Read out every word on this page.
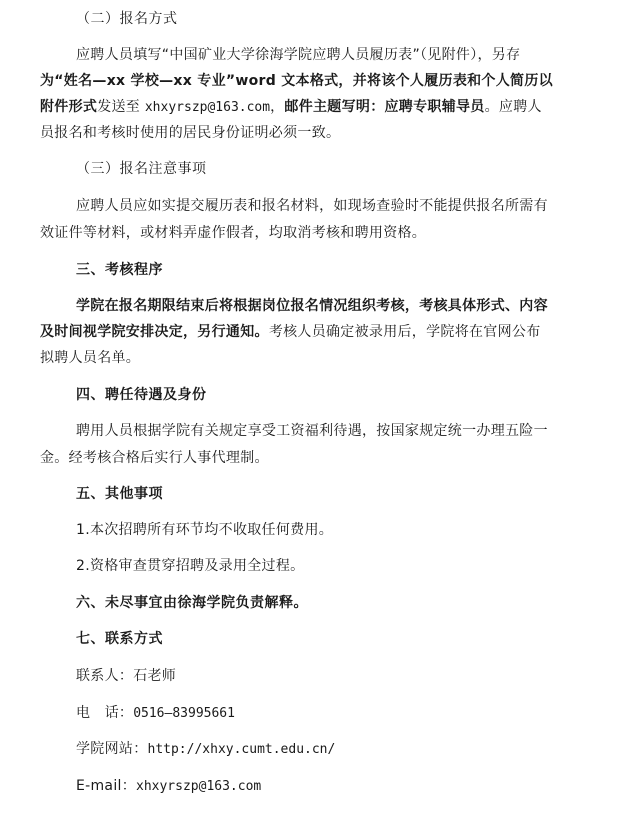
（二）报名方式
应聘人员填写“中国矿业大学徐海学院应聘人员履历表”（见附件），另存
为“姓名—xx 学校—xx 专业”word 文本格式，并将该个人履历表和个人简历以
附件形式发送至 xhxyrszp@163.com，邮件主题写明：应聘专职辅导员。应聘人
员报名和考核时使用的居民身份证明必须一致。
（三）报名注意事项
应聘人员应如实提交履历表和报名材料，如现场查验时不能提供报名所需有
效证件等材料，或材料弄虚作假者，均取消考核和聘用资格。
三、考核程序
学院在报名期限结束后将根据岗位报名情况组织考核，考核具体形式、内容
及时间视学院安排决定，另行通知。考核人员确定被录用后，学院将在官网公布
拟聘人员名单。
四、聘任待遇及身份
聘用人员根据学院有关规定享受工资福利待遇，按国家规定统一办理五险一
金。经考核合格后实行人事代理制。
五、其他事项
1.本次招聘所有环节均不收取任何费用。
2.资格审查贯穿招聘及录用全过程。
六、未尽事宜由徐海学院负责解释。
七、联系方式
联系人：石老师
电　话：0516—83995661
学院网站：http://xhxy.cumt.edu.cn/
E-mail：xhxyrszp@163.com
